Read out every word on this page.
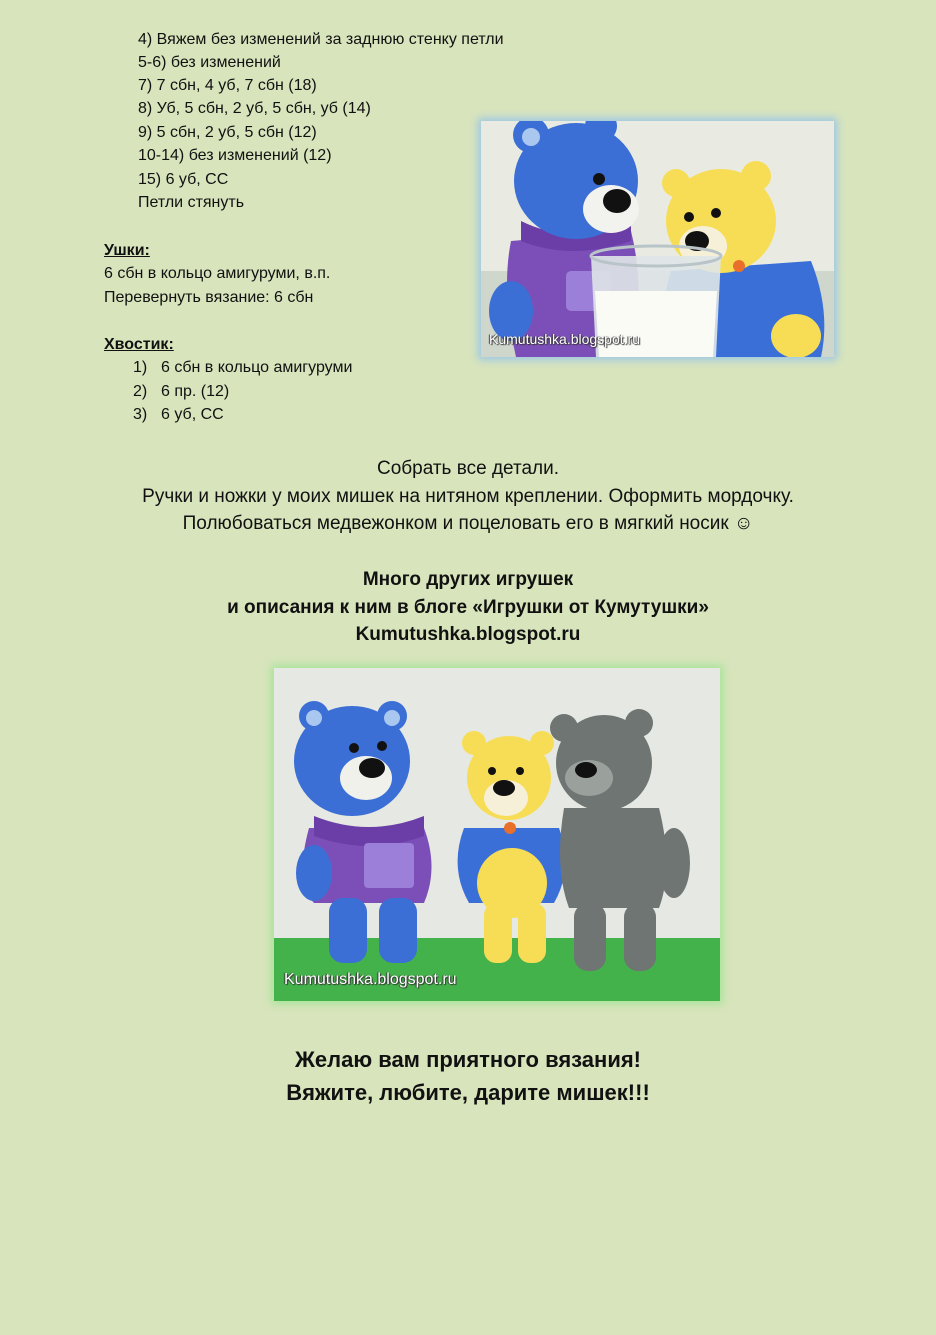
4) Вяжем без изменений за заднюю стенку петли
5-6) без изменений
7) 7 сбн, 4 уб, 7 сбн (18)
8) Уб, 5 сбн, 2 уб, 5 сбн, уб (14)
9) 5 сбн, 2 уб, 5 сбн (12)
10-14) без изменений (12)
15) 6 уб, СС
Петли стянуть
Ушки:
6 сбн в кольцо амигуруми, в.п.
Перевернуть вязание: 6 сбн
Хвостик:
1) 6 сбн в кольцо амигуруми
2) 6 пр. (12)
3) 6 уб, СС
Kumutushka.blogspot.ru
Собрать все детали.
Ручки и ножки у моих мишек на нитяном креплении. Оформить мордочку.
Полюбоваться медвежонком и поцеловать его в мягкий носик ☺
Много других игрушек
и описания к ним в блоге «Игрушки от Кумутушки»
Kumutushka.blogspot.ru
Kumutushka.blogspot.ru
Желаю вам приятного вязания!
Вяжите, любите, дарите мишек!!!
